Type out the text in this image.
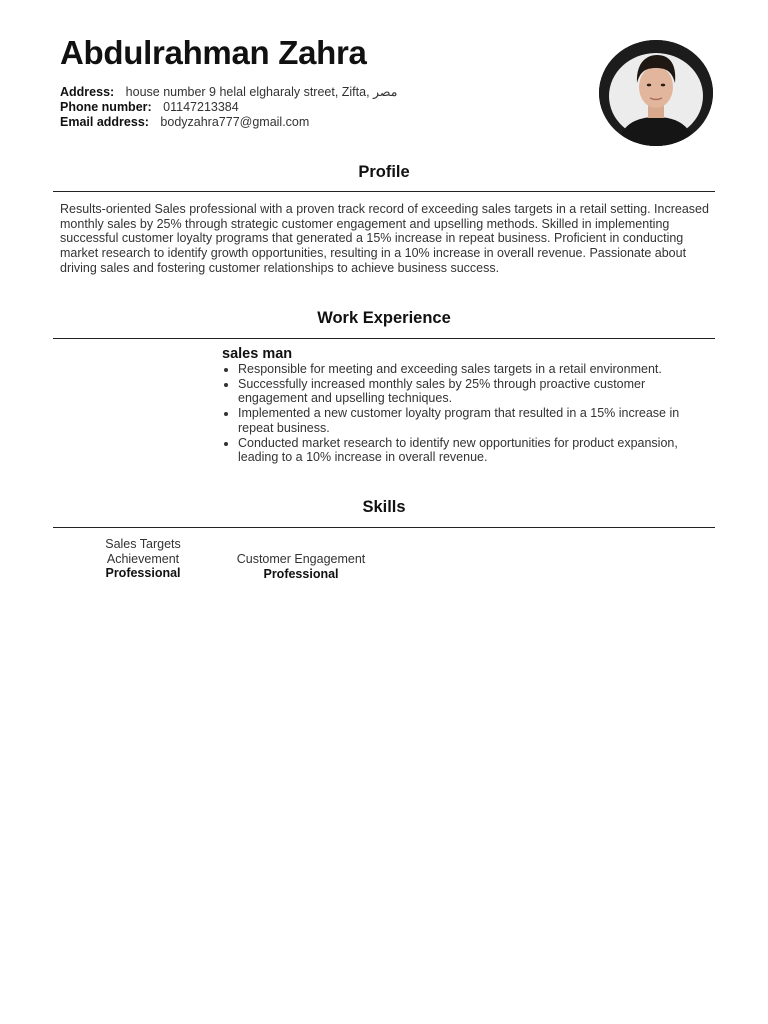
Abdulrahman Zahra
Address: house number 9 helal elgharaly street, Zifta, مصر
Phone number: 01147213384
Email address: bodyzahra777@gmail.com
Profile

Results-oriented Sales professional with a proven track record of exceeding sales targets in a retail setting. Increased monthly sales by 25% through strategic customer engagement and upselling methods. Skilled in implementing successful customer loyalty programs that generated a 15% increase in repeat business. Proficient in conducting market research to identify growth opportunities, resulting in a 10% increase in overall revenue. Passionate about driving sales and fostering customer relationships to achieve business success.

Work Experience
sales man
• Responsible for meeting and exceeding sales targets in a retail environment.
• Successfully increased monthly sales by 25% through proactive customer engagement and upselling techniques.
• Implemented a new customer loyalty program that resulted in a 15% increase in repeat business.
• Conducted market research to identify new opportunities for product expansion, leading to a 10% increase in overall revenue.
Skills
Sales Targets Achievement
Professional
Customer Engagement
Professional
